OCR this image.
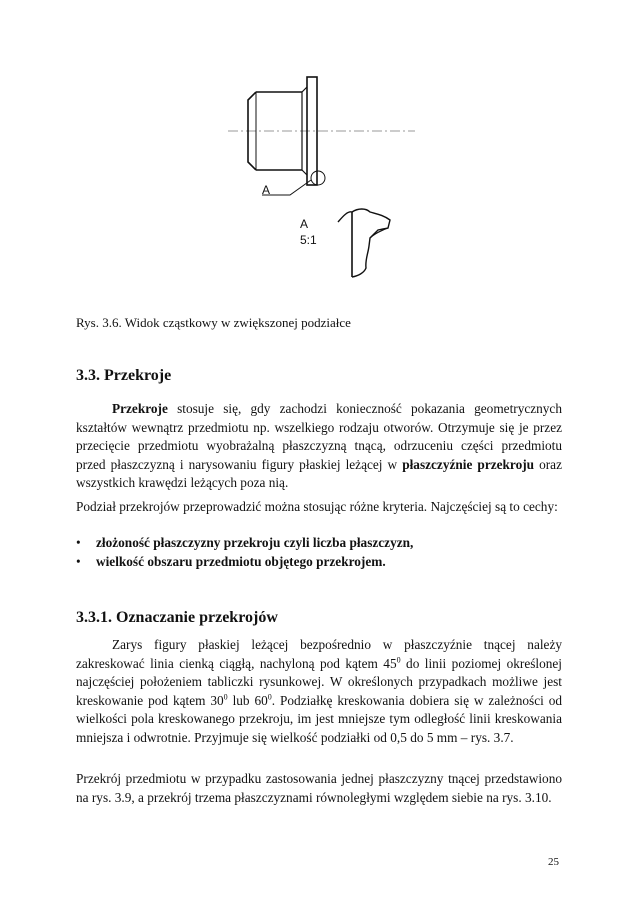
A
A
5:1
Rys. 3.6. Widok cząstkowy w zwiększonej podziałce
3.3. Przekroje

Przekroje stosuje się, gdy zachodzi konieczność pokazania geometrycznych kształtów wewnątrz przedmiotu np. wszelkiego rodzaju otworów. Otrzymuje się je przez przecięcie przedmiotu wyobrażalną płaszczyzną tnącą, odrzuceniu części przedmiotu przed płaszczyzną i narysowaniu figury płaskiej leżącej w płaszczyźnie przekroju oraz wszystkich krawędzi leżących poza nią.

Podział przekrojów przeprowadzić można stosując różne kryteria. Najczęściej są to cechy:

• złożoność płaszczyzny przekroju czyli liczba płaszczyzn,
• wielkość obszaru przedmiotu objętego przekrojem.
3.3.1. Oznaczanie przekrojów

Zarys figury płaskiej leżącej bezpośrednio w płaszczyźnie tnącej należy zakreskować linia cienką ciągłą, nachyloną pod kątem $45^0$ do linii poziomej określonej najczęściej położeniem tabliczki rysunkowej. W określonych przypadkach możliwe jest kreskowanie pod kątem $30^0$ lub $60^0$. Podziałkę kreskowania dobiera się w zależności od wielkości pola kreskowanego przekroju, im jest mniejsze tym odległość linii kreskowania mniejsza i odwrotnie. Przyjmuje się wielkość podziałki od 0,5 do 5 mm – rys. 3.7.

Przekrój przedmiotu w przypadku zastosowania jednej płaszczyzny tnącej przedstawiono na rys. 3.9, a przekrój trzema płaszczyznami równoległymi względem siebie na rys. 3.10.

25
